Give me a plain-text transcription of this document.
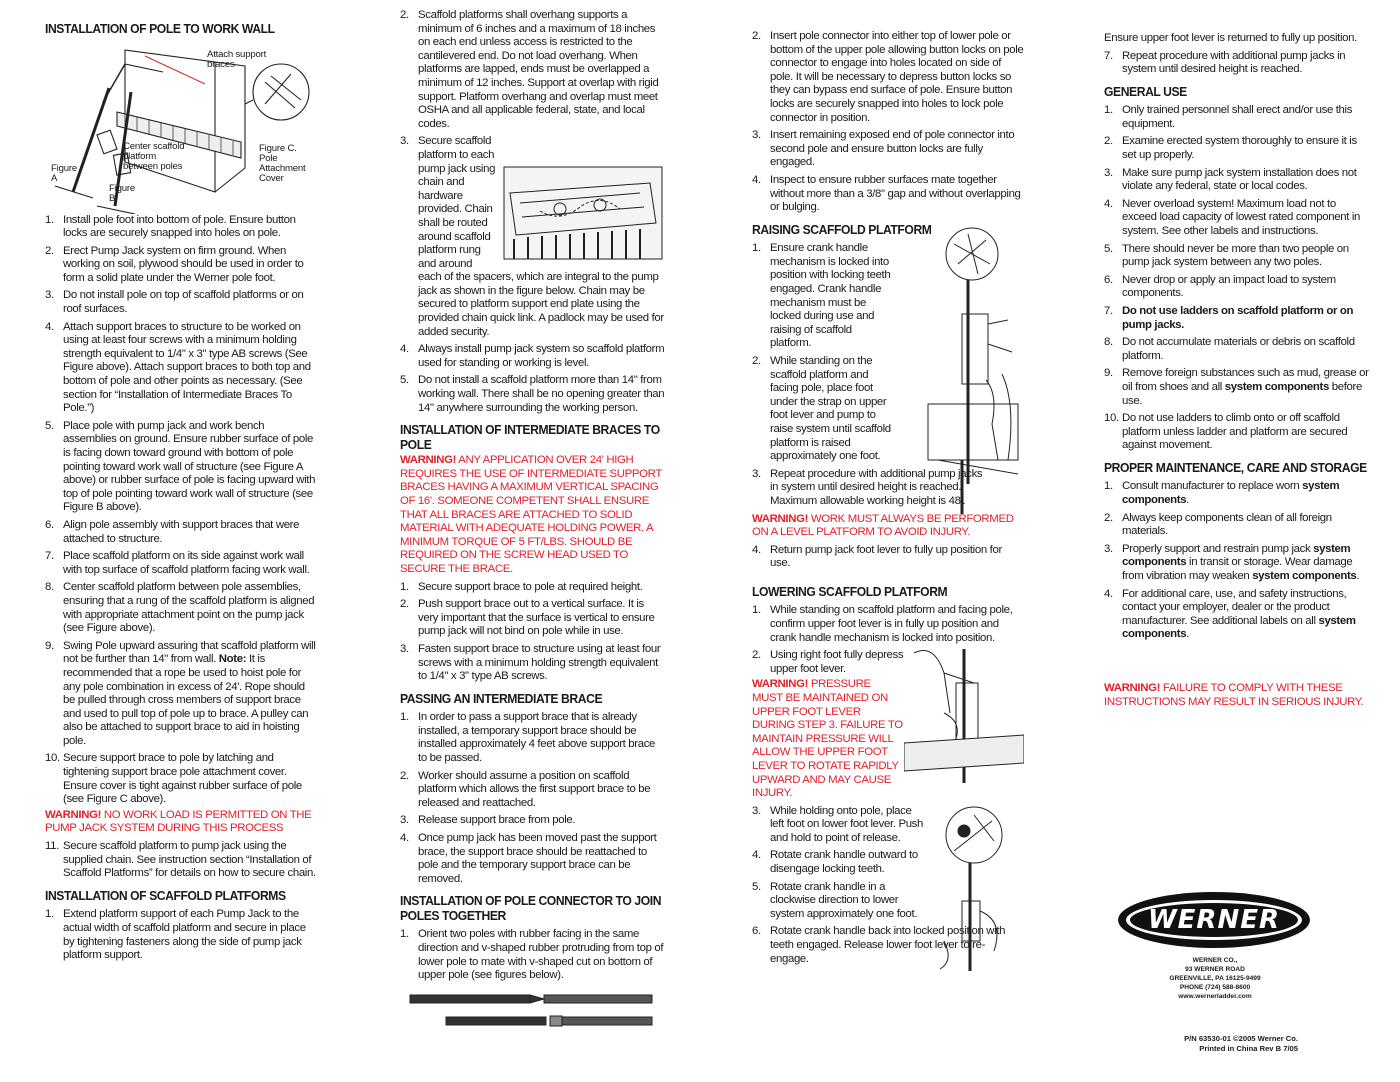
INSTALLATION OF POLE TO WORK WALL
Attach support braces
Center scaffold platform between poles
Figure A
Figure B
Figure C. Pole Attachment Cover
1. Install pole foot into bottom of pole. Ensure button locks are securely snapped into holes on pole.
2. Erect Pump Jack system on firm ground. When working on soil, plywood should be used in order to form a solid plate under the Werner pole foot.
3. Do not install pole on top of scaffold platforms or on roof surfaces.
4. Attach support braces to structure to be worked on using at least four screws with a minimum holding strength equivalent to 1/4" x 3" type AB screws (See Figure above). Attach support braces to both top and bottom of pole and other points as necessary. (See section for “Installation of Intermediate Braces To Pole.”)
5. Place pole with pump jack and work bench assemblies on ground. Ensure rubber surface of pole is facing down toward ground with bottom of pole pointing toward work wall of structure (see Figure A above) or rubber surface of pole is facing upward with top of pole pointing toward work wall of structure (see Figure B above).
6. Align pole assembly with support braces that were attached to structure.
7. Place scaffold platform on its side against work wall with top surface of scaffold platform facing work wall.
8. Center scaffold platform between pole assemblies, ensuring that a rung of the scaffold platform is aligned with appropriate attachment point on the pump jack (see Figure above).
9. Swing Pole upward assuring that scaffold platform will not be further than 14" from wall. Note: It is recommended that a rope be used to hoist pole for any pole combination in excess of 24'. Rope should be pulled through cross members of support brace and used to pull top of pole up to brace. A pulley can also be attached to support brace to aid in hoisting pole.
10. Secure support brace to pole by latching and tightening support brace pole attachment cover. Ensure cover is tight against rubber surface of pole (see Figure C above).
WARNING! NO WORK LOAD IS PERMITTED ON THE PUMP JACK SYSTEM DURING THIS PROCESS
11. Secure scaffold platform to pump jack using the supplied chain. See instruction section “Installation of Scaffold Platforms” for details on how to secure chain.
INSTALLATION OF SCAFFOLD PLATFORMS
1. Extend platform support of each Pump Jack to the actual width of scaffold platform and secure in place by tightening fasteners along the side of pump jack platform support.
2. Scaffold platforms shall overhang supports a minimum of 6 inches and a maximum of 18 inches on each end unless access is restricted to the cantilevered end. Do not load overhang. When platforms are lapped, ends must be overlapped a minimum of 12 inches. Support at overlap with rigid support. Platform overhang and overlap must meet OSHA and all applicable federal, state, and local codes.
3. Secure scaffold platform to each pump jack using chain and hardware provided. Chain shall be routed around scaffold platform rung and around each of the spacers, which are integral to the pump jack as shown in the figure below. Chain may be secured to platform support end plate using the provided chain quick link. A padlock may be used for added security.
4. Always install pump jack system so scaffold platform used for standing or working is level.
5. Do not install a scaffold platform more than 14" from working wall. There shall be no opening greater than 14" anywhere surrounding the working person.
INSTALLATION OF INTERMEDIATE BRACES TO POLE
WARNING! ANY APPLICATION OVER 24' HIGH REQUIRES THE USE OF INTERMEDIATE SUPPORT BRACES HAVING A MAXIMUM VERTICAL SPACING OF 16'. SOMEONE COMPETENT SHALL ENSURE THAT ALL BRACES ARE ATTACHED TO SOLID MATERIAL WITH ADEQUATE HOLDING POWER. A MINIMUM TORQUE OF 5 FT/LBS. SHOULD BE REQUIRED ON THE SCREW HEAD USED TO SECURE THE BRACE.
1. Secure support brace to pole at required height.
2. Push support brace out to a vertical surface. It is very important that the surface is vertical to ensure pump jack will not bind on pole while in use.
3. Fasten support brace to structure using at least four screws with a minimum holding strength equivalent to 1/4" x 3" type AB screws.
PASSING AN INTERMEDIATE BRACE
1. In order to pass a support brace that is already installed, a temporary support brace should be installed approximately 4 feet above support brace to be passed.
2. Worker should assume a position on scaffold platform which allows the first support brace to be released and reattached.
3. Release support brace from pole.
4. Once pump jack has been moved past the support brace, the support brace should be reattached to pole and the temporary support brace can be removed.
INSTALLATION OF POLE CONNECTOR TO JOIN POLES TOGETHER
1. Orient two poles with rubber facing in the same direction and v-shaped rubber protruding from top of lower pole to mate with v-shaped cut on bottom of upper pole (see figures below).
2. Insert pole connector into either top of lower pole or bottom of the upper pole allowing button locks on pole connector to engage into holes located on side of pole. It will be necessary to depress button locks so they can bypass end surface of pole. Ensure button locks are securely snapped into holes to lock pole connector in position.
3. Insert remaining exposed end of pole connector into second pole and ensure button locks are fully engaged.
4. Inspect to ensure rubber surfaces mate together without more than a 3/8" gap and without overlapping or bulging.
RAISING SCAFFOLD PLATFORM
1. Ensure crank handle mechanism is locked into position with locking teeth engaged. Crank handle mechanism must be locked during use and raising of scaffold platform.
2. While standing on the scaffold platform and facing pole, place foot under the strap on upper foot lever and pump to raise system until scaffold platform is raised approximately one foot.
3. Repeat procedure with additional pump jacks in system until desired height is reached. Maximum allowable working height is 48'.
WARNING! WORK MUST ALWAYS BE PERFORMED ON A LEVEL PLATFORM TO AVOID INJURY.
4. Return pump jack foot lever to fully up position for use.
LOWERING SCAFFOLD PLATFORM
1. While standing on scaffold platform and facing pole, confirm upper foot lever is in fully up position and crank handle mechanism is locked into position.
2. Using right foot fully depress upper foot lever.
WARNING! PRESSURE MUST BE MAINTAINED ON UPPER FOOT LEVER DURING STEP 3. FAILURE TO MAINTAIN PRESSURE WILL ALLOW THE UPPER FOOT LEVER TO ROTATE RAPIDLY UPWARD AND MAY CAUSE INJURY.
3. While holding onto pole, place left foot on lower foot lever. Push and hold to point of release.
4. Rotate crank handle outward to disengage locking teeth.
5. Rotate crank handle in a clockwise direction to lower system approximately one foot.
6. Rotate crank handle back into locked position with teeth engaged. Release lower foot lever to re-engage.
Ensure upper foot lever is returned to fully up position.
7. Repeat procedure with additional pump jacks in system until desired height is reached.
GENERAL USE
1. Only trained personnel shall erect and/or use this equipment.
2. Examine erected system thoroughly to ensure it is set up properly.
3. Make sure pump jack system installation does not violate any federal, state or local codes.
4. Never overload system! Maximum load not to exceed load capacity of lowest rated component in system. See other labels and instructions.
5. There should never be more than two people on pump jack system between any two poles.
6. Never drop or apply an impact load to system components.
7. Do not use ladders on scaffold platform or on pump jacks.
8. Do not accumulate materials or debris on scaffold platform.
9. Remove foreign substances such as mud, grease or oil from shoes and all system components before use.
10. Do not use ladders to climb onto or off scaffold platform unless ladder and platform are secured against movement.
PROPER MAINTENANCE, CARE AND STORAGE
1. Consult manufacturer to replace worn system components.
2. Always keep components clean of all foreign materials.
3. Properly support and restrain pump jack system components in transit or storage. Wear damage from vibration may weaken system components.
4. For additional care, use, and safety instructions, contact your employer, dealer or the product manufacturer. See additional labels on all system components.
WARNING! FAILURE TO COMPLY WITH THESE INSTRUCTIONS MAY RESULT IN SERIOUS INJURY.
WERNER
WERNER CO.,
93 WERNER ROAD
GREENVILLE, PA 16125-9499
PHONE (724) 588-8600
www.wernerladder.com
P/N 63530-01 ©2005 Werner Co.
Printed in China Rev B 7/05
